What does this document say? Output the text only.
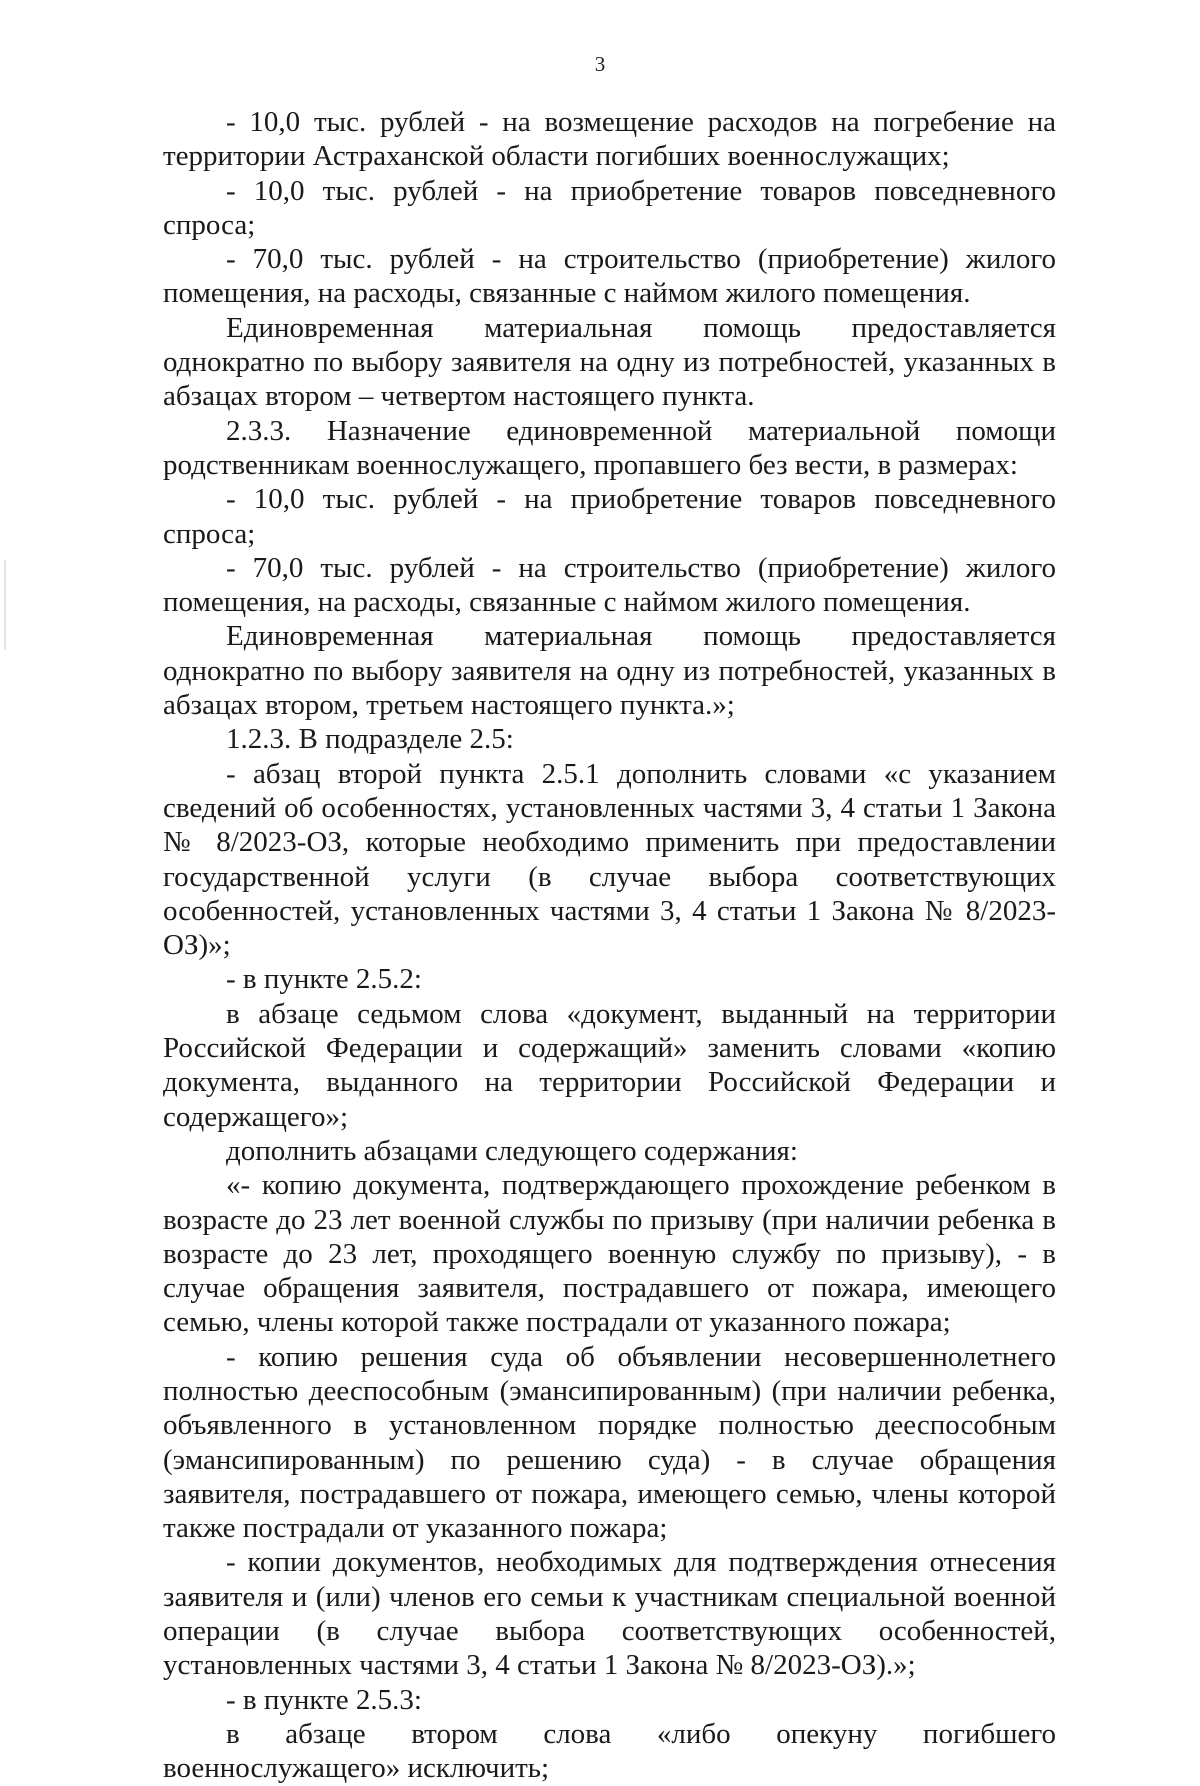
3

- 10,0 тыс. рублей - на возмещение расходов на погребение на территории Астраханской области погибших военнослужащих;

- 10,0 тыс. рублей - на приобретение товаров повседневного спроса;

- 70,0 тыс. рублей - на строительство (приобретение) жилого помещения, на расходы, связанные с наймом жилого помещения.

Единовременная материальная помощь предоставляется однократно по выбору заявителя на одну из потребностей, указанных в абзацах втором – четвертом настоящего пункта.

2.3.3. Назначение единовременной материальной помощи родственникам военнослужащего, пропавшего без вести, в размерах:

- 10,0 тыс. рублей - на приобретение товаров повседневного спроса;

- 70,0 тыс. рублей - на строительство (приобретение) жилого помещения, на расходы, связанные с наймом жилого помещения.

Единовременная материальная помощь предоставляется однократно по выбору заявителя на одну из потребностей, указанных в абзацах втором, третьем настоящего пункта.»;

1.2.3. В подразделе 2.5:

- абзац второй пункта 2.5.1 дополнить словами «с указанием сведений об особенностях, установленных частями 3, 4 статьи 1 Закона № 8/2023-ОЗ, которые необходимо применить при предоставлении государственной услуги (в случае выбора соответствующих особенностей, установленных частями 3, 4 статьи 1 Закона № 8/2023-ОЗ)»;

- в пункте 2.5.2:

в абзаце седьмом слова «документ, выданный на территории Российской Федерации и содержащий» заменить словами «копию документа, выданного на территории Российской Федерации и содержащего»;

дополнить абзацами следующего содержания:

«- копию документа, подтверждающего прохождение ребенком в возрасте до 23 лет военной службы по призыву (при наличии ребенка в возрасте до 23 лет, проходящего военную службу по призыву), - в случае обращения заявителя, пострадавшего от пожара, имеющего семью, члены которой также пострадали от указанного пожара;

- копию решения суда об объявлении несовершеннолетнего полностью дееспособным (эмансипированным) (при наличии ребенка, объявленного в установленном порядке полностью дееспособным (эмансипированным) по решению суда) - в случае обращения заявителя, пострадавшего от пожара, имеющего семью, члены которой также пострадали от указанного пожара;

- копии документов, необходимых для подтверждения отнесения заявителя и (или) членов его семьи к участникам специальной военной операции (в случае выбора соответствующих особенностей, установленных частями 3, 4 статьи 1 Закона № 8/2023-ОЗ).»;

- в пункте 2.5.3:

в абзаце втором слова «либо опекуну погибшего военнослужащего» исключить;
